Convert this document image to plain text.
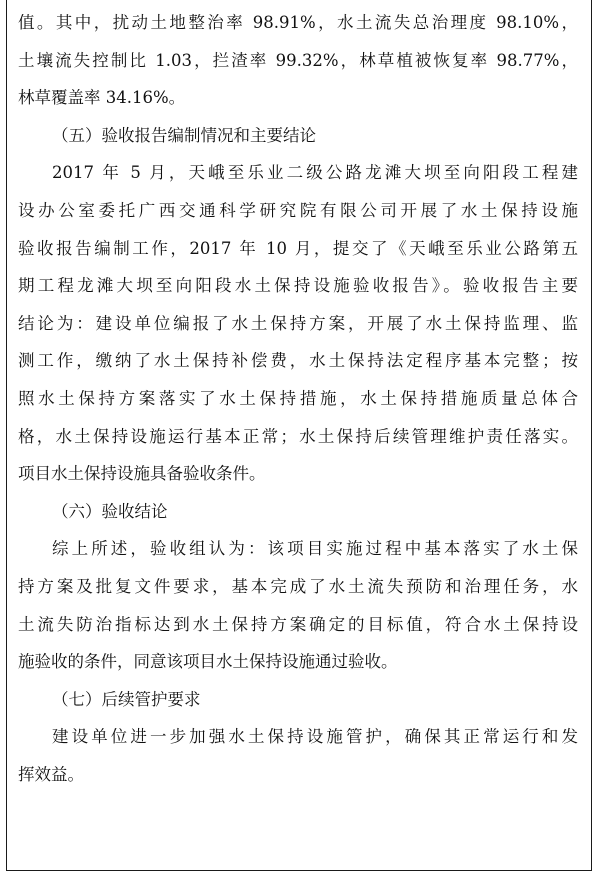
值。其中，扰动土地整治率 98.91%，水土流失总治理度 98.10%，
土壤流失控制比 1.03，拦渣率 99.32%，林草植被恢复率 98.77%，
林草覆盖率 34.16%。
（五）验收报告编制情况和主要结论
2017 年 5 月，天峨至乐业二级公路龙滩大坝至向阳段工程建
设办公室委托广西交通科学研究院有限公司开展了水土保持设施
验收报告编制工作，2017 年 10 月，提交了《天峨至乐业公路第五
期工程龙滩大坝至向阳段水土保持设施验收报告》。验收报告主要
结论为：建设单位编报了水土保持方案，开展了水土保持监理、监
测工作，缴纳了水土保持补偿费，水土保持法定程序基本完整；按
照水土保持方案落实了水土保持措施，水土保持措施质量总体合
格，水土保持设施运行基本正常；水土保持后续管理维护责任落实。
项目水土保持设施具备验收条件。
（六）验收结论
综上所述，验收组认为：该项目实施过程中基本落实了水土保
持方案及批复文件要求，基本完成了水土流失预防和治理任务，水
土流失防治指标达到水土保持方案确定的目标值，符合水土保持设
施验收的条件，同意该项目水土保持设施通过验收。
（七）后续管护要求
建设单位进一步加强水土保持设施管护，确保其正常运行和发
挥效益。
